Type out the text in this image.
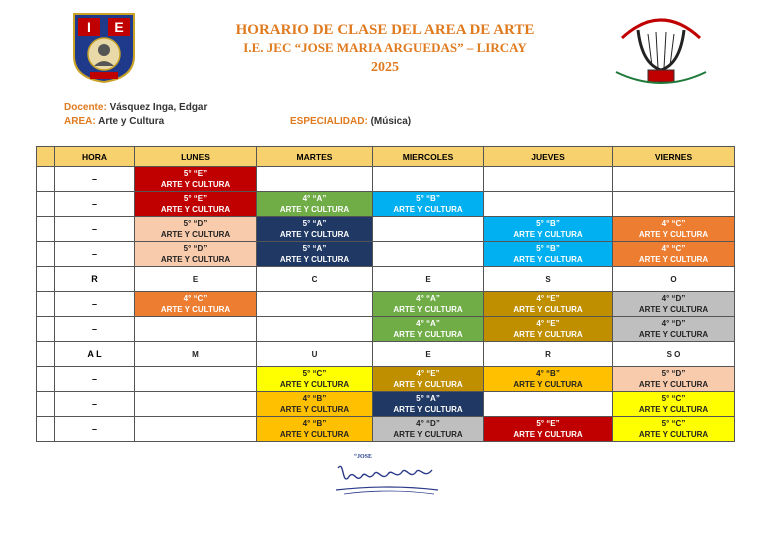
I E	HORARIO DE CLASE DEL AREA DE ARTE
I.E. JEC “JOSE MARIA ARGUEDAS” – LIRCAY
2025
Docente: Vásquez Inga, Edgar
AREA: Arte y Cultura	ESPECIALIDAD: (Música)
	HORA	LUNES	MARTES	MIERCOLES	JUEVES	VIERNES
	–	5° “E”
ARTE Y CULTURA				

	–	5° “E”
ARTE Y CULTURA	4° “A”
ARTE Y CULTURA	5° “B”
ARTE Y CULTURA		

	–	5° “D”
ARTE Y CULTURA	5° “A”
ARTE Y CULTURA		5° “B”
ARTE Y CULTURA	4° “C”
ARTE Y CULTURA

	–	5° “D”
ARTE Y CULTURA	5° “A”
ARTE Y CULTURA		5° “B”
ARTE Y CULTURA	4° “C”
ARTE Y CULTURA

	R	E	C	E	S	O

	–	4° “C”
ARTE Y CULTURA		4° “A”
ARTE Y CULTURA	4° “E”
ARTE Y CULTURA	4° “D”
ARTE Y CULTURA

	–			4° “A”
ARTE Y CULTURA	4° “E”
ARTE Y CULTURA	4° “D”
ARTE Y CULTURA

	A L	M	U	E	R	S O

	–		5° “C”
ARTE Y CULTURA	4° “E”
ARTE Y CULTURA	4° “B”
ARTE Y CULTURA	5° “D”
ARTE Y CULTURA

	–		4° “B”
ARTE Y CULTURA	5° “A”
ARTE Y CULTURA		5° “C”
ARTE Y CULTURA

	–		4° “B”
ARTE Y CULTURA	4° “D”
ARTE Y CULTURA	5° “E”
ARTE Y CULTURA	5° “C”
ARTE Y CULTURA
“JOSE
